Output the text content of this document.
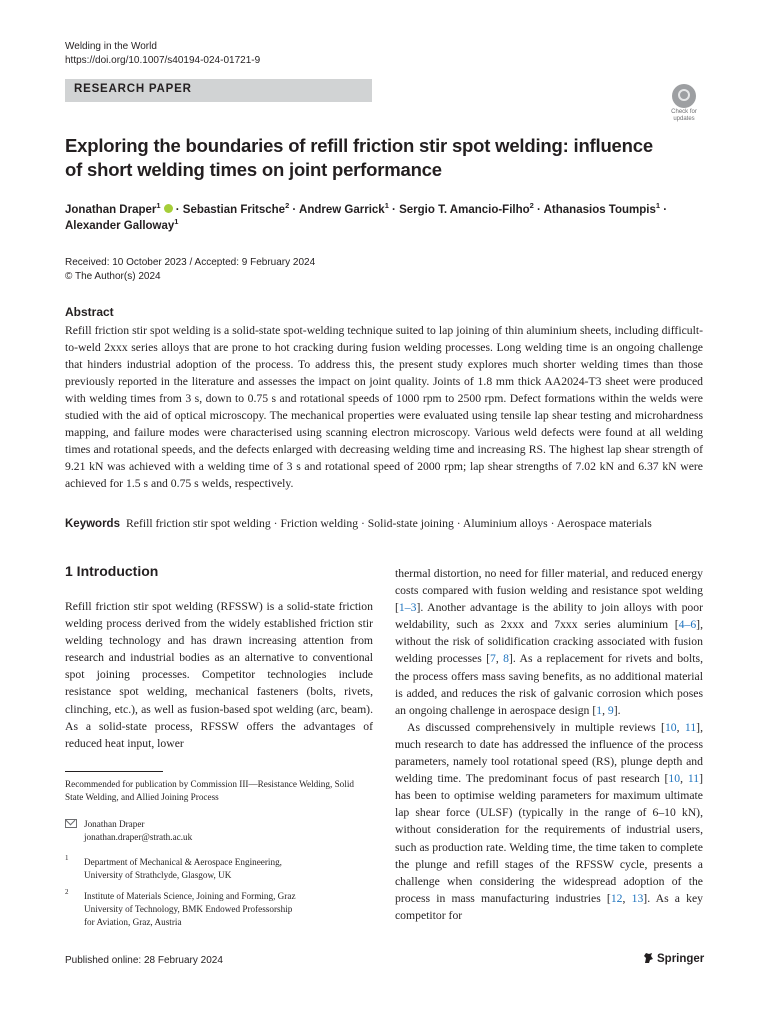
Welding in the World
https://doi.org/10.1007/s40194-024-01721-9
RESEARCH PAPER
Check for
updates
Exploring the boundaries of refill friction stir spot welding: influence
of short welding times on joint performance
Jonathan Draper$^1$ · Sebastian Fritsche$^2$ · Andrew Garrick$^1$ · Sergio T. Amancio-Filho$^2$ · Athanasios Toumpis$^1$ ·
Alexander Galloway$^1$
Received: 10 October 2023 / Accepted: 9 February 2024
© The Author(s) 2024
Abstract
Refill friction stir spot welding is a solid-state spot-welding technique suited to lap joining of thin aluminium sheets, including difficult-to-weld 2xxx series alloys that are prone to hot cracking during fusion welding processes. Long welding time is an ongoing challenge that hinders industrial adoption of the process. To address this, the present study explores much shorter welding times than those previously reported in the literature and assesses the impact on joint quality. Joints of 1.8 mm thick AA2024-T3 sheet were produced with welding times from 3 s, down to 0.75 s and rotational speeds of 1000 rpm to 2500 rpm. Defect formations within the welds were studied with the aid of optical microscopy. The mechanical properties were evaluated using tensile lap shear testing and microhardness mapping, and failure modes were characterised using scanning electron microscopy. Various weld defects were found at all welding times and rotational speeds, and the defects enlarged with decreasing welding time and increasing RS. The highest lap shear strength of 9.21 kN was achieved with a welding time of 3 s and rotational speed of 2000 rpm; lap shear strengths of 7.02 kN and 6.37 kN were achieved for 1.5 s and 0.75 s welds, respectively.
Keywords Refill friction stir spot welding · Friction welding · Solid-state joining · Aluminium alloys · Aerospace materials
1 Introduction

Refill friction stir spot welding (RFSSW) is a solid-state friction welding process derived from the widely established friction stir welding technology and has drawn increasing attention from research and industrial bodies as an alternative to conventional spot joining processes. Competitor technologies include resistance spot welding, mechanical fasteners (bolts, rivets, clinching, etc.), as well as fusion-based spot welding (arc, beam). As a solid-state process, RFSSW offers the advantages of reduced heat input, lower

thermal distortion, no need for filler material, and reduced energy costs compared with fusion welding and resistance spot welding [1–3]. Another advantage is the ability to join alloys with poor weldability, such as 2xxx and 7xxx series aluminium [4–6], without the risk of solidification cracking associated with fusion welding processes [7, 8]. As a replacement for rivets and bolts, the process offers mass saving benefits, as no additional material is added, and reduces the risk of galvanic corrosion which poses an ongoing challenge in aerospace design [1, 9].

As discussed comprehensively in multiple reviews [10, 11], much research to date has addressed the influence of the process parameters, namely tool rotational speed (RS), plunge depth and welding time. The predominant focus of past research [10, 11] has been to optimise welding parameters for maximum ultimate lap shear force (ULSF) (typically in the range of 6–10 kN), without consideration for the requirements of industrial users, such as production rate. Welding time, the time taken to complete the plunge and refill stages of the RFSSW cycle, presents a challenge when considering the widespread adoption of the process in mass manufacturing industries [12, 13]. As a key competitor for

Recommended for publication by Commission III—Resistance Welding, Solid State Welding, and Allied Joining Process
Jonathan Draper
jonathan.draper@strath.ac.uk
1 Department of Mechanical & Aerospace Engineering,
University of Strathclyde, Glasgow, UK
2 Institute of Materials Science, Joining and Forming, Graz
University of Technology, BMK Endowed Professorship
for Aviation, Graz, Austria
Published online: 28 February 2024	Springer
